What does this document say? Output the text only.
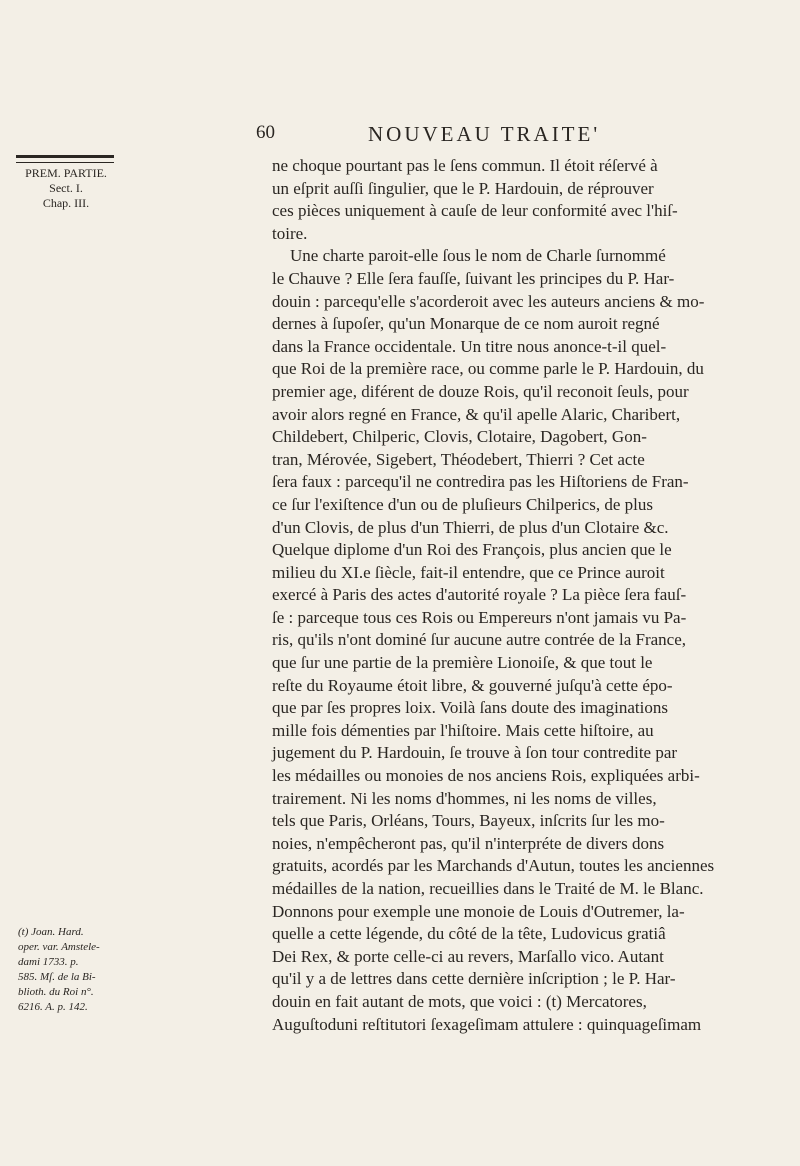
60	NOUVEAU TRAITE'
PREM. PARTIE.
Sect. I.
Chap. III.
ne choque pourtant pas le ſens commun. Il étoit réſervé à
un eſprit auſſi ſingulier, que le P. Hardouin, de réprouver
ces pièces uniquement à cauſe de leur conformité avec l'hiſ-
toire.
Une charte paroit-elle ſous le nom de Charle ſurnommé
le Chauve ? Elle ſera fauſſe, ſuivant les principes du P. Har-
douin : parcequ'elle s'acorderoit avec les auteurs anciens & mo-
dernes à ſupoſer, qu'un Monarque de ce nom auroit regné
dans la France occidentale. Un titre nous anonce-t-il quel-
que Roi de la première race, ou comme parle le P. Hardouin, du
premier age, diférent de douze Rois, qu'il reconoit ſeuls, pour
avoir alors regné en France, & qu'il apelle Alaric, Charibert,
Childebert, Chilperic, Clovis, Clotaire, Dagobert, Gon-
tran, Mérovée, Sigebert, Théodebert, Thierri ? Cet acte
ſera faux : parcequ'il ne contredira pas les Hiſtoriens de Fran-
ce ſur l'exiſtence d'un ou de pluſieurs Chilperics, de plus
d'un Clovis, de plus d'un Thierri, de plus d'un Clotaire &c.
Quelque diplome d'un Roi des François, plus ancien que le
milieu du XI.e ſiècle, fait-il entendre, que ce Prince auroit
exercé à Paris des actes d'autorité royale ? La pièce ſera fauſ-
ſe : parceque tous ces Rois ou Empereurs n'ont jamais vu Pa-
ris, qu'ils n'ont dominé ſur aucune autre contrée de la France,
que ſur une partie de la première Lionoiſe, & que tout le
reſte du Royaume étoit libre, & gouverné juſqu'à cette épo-
que par ſes propres loix. Voilà ſans doute des imaginations
mille fois démenties par l'hiſtoire. Mais cette hiſtoire, au
jugement du P. Hardouin, ſe trouve à ſon tour contredite par
les médailles ou monoies de nos anciens Rois, expliquées arbi-
trairement. Ni les noms d'hommes, ni les noms de villes,
tels que Paris, Orléans, Tours, Bayeux, inſcrits ſur les mo-
noies, n'empêcheront pas, qu'il n'interpréte de divers dons
gratuits, acordés par les Marchands d'Autun, toutes les anciennes
médailles de la nation, recueillies dans le Traité de M. le Blanc.
Donnons pour exemple une monoie de Louis d'Outremer, la-
quelle a cette légende, du côté de la tête, Ludovicus gratiâ
Dei Rex, & porte celle-ci au revers, Marſallo vico. Autant
qu'il y a de lettres dans cette dernière inſcription ; le P. Har-
douin en fait autant de mots, que voici : (t) Mercatores,
Auguſtoduni reſtitutori ſexageſimam attulere : quinquageſimam
(t) Joan. Hard.
oper. var. Amstele-
dami 1733. p.
585. Mſ. de la Bi-
blioth. du Roi n°.
6216. A. p. 142.
